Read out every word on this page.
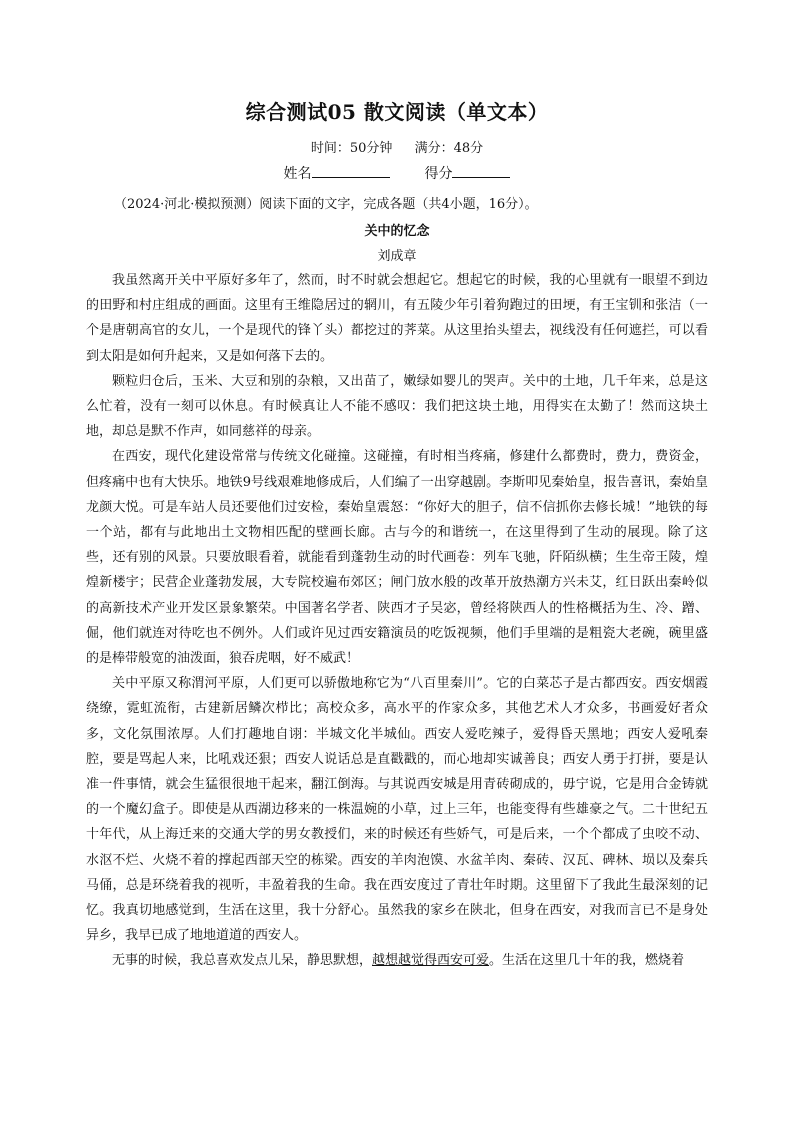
综合测试05 散文阅读（单文本）
时间：50分钟 满分：48分
姓名	得分
（2024·河北·模拟预测）阅读下面的文字，完成各题（共4小题，16分）。
关中的忆念
刘成章

我虽然离开关中平原好多年了，然而，时不时就会想起它。想起它的时候，我的心里就有一眼望不到边的田野和村庄组成的画面。这里有王维隐居过的辋川，有五陵少年引着狗跑过的田埂，有王宝钏和张洁（一个是唐朝高官的女儿，一个是现代的锋丫头）都挖过的荠菜。从这里抬头望去，视线没有任何遮拦，可以看到太阳是如何升起来，又是如何落下去的。

颗粒归仓后，玉米、大豆和别的杂粮，又出苗了，嫩绿如婴儿的哭声。关中的土地，几千年来，总是这么忙着，没有一刻可以休息。有时候真让人不能不感叹：我们把这块土地，用得实在太勤了！然而这块土地，却总是默不作声，如同慈祥的母亲。

在西安，现代化建设常常与传统文化碰撞。这碰撞，有时相当疼痛，修建什么都费时，费力，费资金，但疼痛中也有大快乐。地铁9号线艰难地修成后，人们编了一出穿越剧。李斯叩见秦始皇，报告喜讯，秦始皇龙颜大悦。可是车站人员还要他们过安检，秦始皇震怒：“你好大的胆子，信不信抓你去修长城！”地铁的每一个站，都有与此地出土文物相匹配的壁画长廊。古与今的和谐统一，在这里得到了生动的展现。除了这些，还有别的风景。只要放眼看着，就能看到蓬勃生动的时代画卷：列车飞驰，阡陌纵横；生生帝王陵，煌煌新楼宇；民营企业蓬勃发展，大专院校遍布郊区；闸门放水般的改革开放热潮方兴未艾，红日跃出秦岭似的高新技术产业开发区景象繁荣。中国著名学者、陕西才子吴宓，曾经将陕西人的性格概括为生、冷、蹭、倔，他们就连对待吃也不例外。人们或许见过西安籍演员的吃饭视频，他们手里端的是粗瓷大老碗，碗里盛的是棒带般宽的油泼面，狼吞虎咽，好不威武！

关中平原又称渭河平原，人们更可以骄傲地称它为“八百里秦川”。它的白菜芯子是古都西安。西安烟霞绕缭，霓虹流衔，古建新居鳞次栉比；高校众多，高水平的作家众多，其他艺术人才众多，书画爱好者众多，文化氛围浓厚。人们打趣地自诩：半城文化半城仙。西安人爱吃辣子，爱得昏天黑地；西安人爱吼秦腔，要是骂起人来，比吼戏还狠；西安人说话总是直戳戳的，而心地却实诚善良；西安人勇于打拼，要是认准一件事情，就会生猛很很地干起来，翻江倒海。与其说西安城是用青砖砌成的，毋宁说，它是用合金铸就的一个魔幻盒子。即使是从西湖边移来的一株温婉的小草，过上三年，也能变得有些雄豪之气。二十世纪五十年代，从上海迁来的交通大学的男女教授们，来的时候还有些娇气，可是后来，一个个都成了虫咬不动、水沤不烂、火烧不着的撑起西部天空的栋梁。西安的羊肉泡馍、水盆羊肉、秦砖、汉瓦、碑林、埙以及秦兵马俑，总是环绕着我的视听，丰盈着我的生命。我在西安度过了青壮年时期。这里留下了我此生最深刻的记忆。我真切地感觉到，生活在这里，我十分舒心。虽然我的家乡在陕北，但身在西安，对我而言已不是身处异乡，我早已成了地地道道的西安人。

无事的时候，我总喜欢发点儿呆，静思默想，越想越觉得西安可爱。生活在这里几十年的我，燃烧着
